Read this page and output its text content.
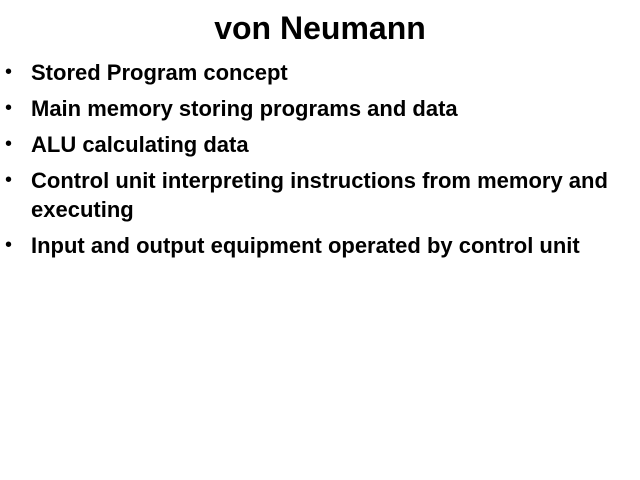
von Neumann
• Stored Program concept
• Main memory storing programs and data
• ALU calculating data
• Control unit interpreting instructions from memory and executing
• Input and output equipment operated by control unit
